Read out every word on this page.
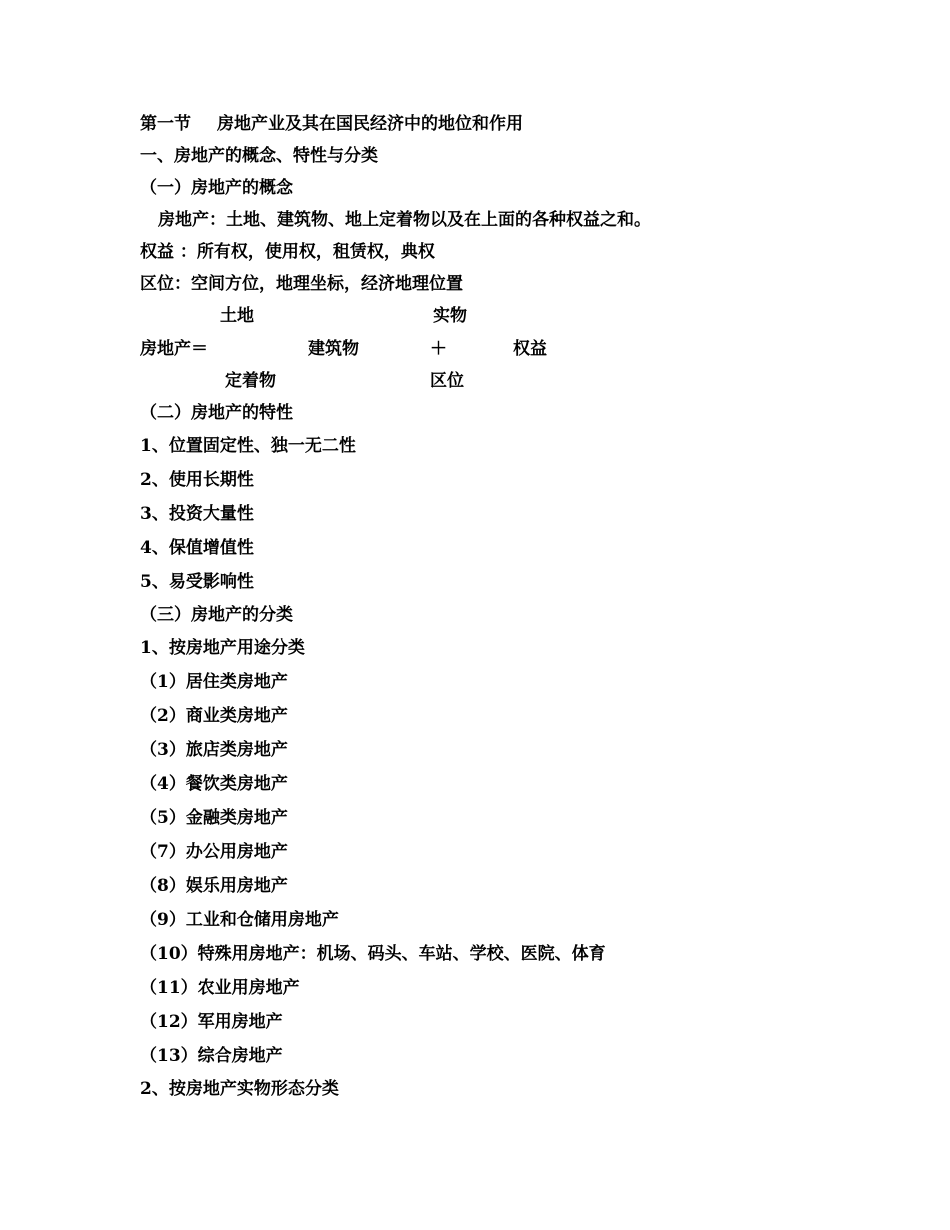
第一节 房地产业及其在国民经济中的地位和作用
一、房地产的概念、特性与分类
（一）房地产的概念
房地产：土地、建筑物、地上定着物以及在上面的各种权益之和。
权益 ：所有权，使用权，租赁权，典权
区位：空间方位，地理坐标，经济地理位置
土地	实物
房地产＝	建筑物	＋	权益
定着物	区位
（二）房地产的特性
1、位置固定性、独一无二性
2、使用长期性
3、投资大量性
4、保值增值性
5、易受影响性
（三）房地产的分类
1、按房地产用途分类
（1）居住类房地产
（2）商业类房地产
（3）旅店类房地产
（4）餐饮类房地产
（5）金融类房地产
（7）办公用房地产
（8）娱乐用房地产
（9）工业和仓储用房地产
（10）特殊用房地产：机场、码头、车站、学校、医院、体育
（11）农业用房地产
（12）军用房地产
（13）综合房地产
2、按房地产实物形态分类
